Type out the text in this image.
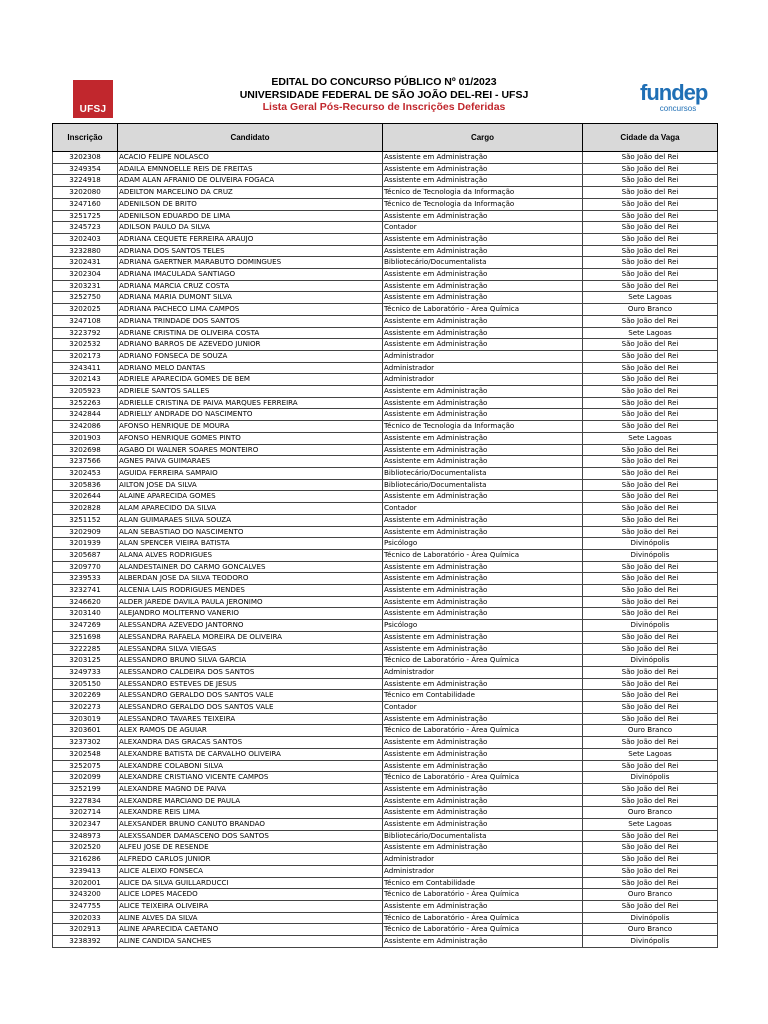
UFSJ
EDITAL DO CONCURSO PÚBLICO Nº 01/2023
UNIVERSIDADE FEDERAL DE SÃO JOÃO DEL-REI - UFSJ
Lista Geral Pós-Recurso de Inscrições Deferidas
fundep
concursos
Inscrição	Candidato	Cargo	Cidade da Vaga
3202308	ACACIO FELIPE NOLASCO	Assistente em Administração	São João del Rei
3249354	ADAILA EMNNOELLE REIS DE FREITAS	Assistente em Administração	São João del Rei
3224918	ADAM ALAN AFRANIO DE OLIVEIRA FOGACA	Assistente em Administração	São João del Rei
3202080	ADEILTON MARCELINO DA CRUZ	Técnico de Tecnologia da Informação	São João del Rei
3247160	ADENILSON DE BRITO	Técnico de Tecnologia da Informação	São João del Rei
3251725	ADENILSON EDUARDO DE LIMA	Assistente em Administração	São João del Rei
3245723	ADILSON PAULO DA SILVA	Contador	São João del Rei
3202403	ADRIANA CEQUETE FERREIRA ARAUJO	Assistente em Administração	São João del Rei
3232880	ADRIANA DOS SANTOS TELES	Assistente em Administração	São João del Rei
3202431	ADRIANA GAERTNER MARABUTO DOMINGUES	Bibliotecário/Documentalista	São João del Rei
3202304	ADRIANA IMACULADA SANTIAGO	Assistente em Administração	São João del Rei
3203231	ADRIANA MARCIA CRUZ COSTA	Assistente em Administração	São João del Rei
3252750	ADRIANA MARIA DUMONT SILVA	Assistente em Administração	Sete Lagoas
3202025	ADRIANA PACHECO LIMA CAMPOS	Técnico de Laboratório - Área Química	Ouro Branco
3247108	ADRIANA TRINDADE DOS SANTOS	Assistente em Administração	São João del Rei
3223792	ADRIANE CRISTINA DE OLIVEIRA COSTA	Assistente em Administração	Sete Lagoas
3202532	ADRIANO BARROS DE AZEVEDO JUNIOR	Assistente em Administração	São João del Rei
3202173	ADRIANO FONSECA DE SOUZA	Administrador	São João del Rei
3243411	ADRIANO MELO DANTAS	Administrador	São João del Rei
3202143	ADRIELE APARECIDA GOMES DE BEM	Administrador	São João del Rei
3205923	ADRIELE SANTOS SALLES	Assistente em Administração	São João del Rei
3252263	ADRIELLE CRISTINA DE PAIVA MARQUES FERREIRA	Assistente em Administração	São João del Rei
3242844	ADRIELLY ANDRADE DO NASCIMENTO	Assistente em Administração	São João del Rei
3242086	AFONSO HENRIQUE DE MOURA	Técnico de Tecnologia da Informação	São João del Rei
3201903	AFONSO HENRIQUE GOMES PINTO	Assistente em Administração	Sete Lagoas
3202698	AGABO DI WALNER SOARES MONTEIRO	Assistente em Administração	São João del Rei
3237566	AGNES PAIVA GUIMARAES	Assistente em Administração	São João del Rei
3202453	AGUIDA FERREIRA SAMPAIO	Bibliotecário/Documentalista	São João del Rei
3205836	AILTON JOSE DA SILVA	Bibliotecário/Documentalista	São João del Rei
3202644	ALAINE APARECIDA GOMES	Assistente em Administração	São João del Rei
3202828	ALAM APARECIDO DA SILVA	Contador	São João del Rei
3251152	ALAN GUIMARAES SILVA SOUZA	Assistente em Administração	São João del Rei
3202909	ALAN SEBASTIAO DO NASCIMENTO	Assistente em Administração	São João del Rei
3201939	ALAN SPENCER VIEIRA BATISTA	Psicólogo	Divinópolis
3205687	ALANA ALVES RODRIGUES	Técnico de Laboratório - Área Química	Divinópolis
3209770	ALANDESTAINER DO CARMO GONCALVES	Assistente em Administração	São João del Rei
3239533	ALBERDAN JOSE DA SILVA TEODORO	Assistente em Administração	São João del Rei
3232741	ALCENIA LAIS RODRIGUES MENDES	Assistente em Administração	São João del Rei
3246620	ALDER JAREDE DAVILA PAULA JERONIMO	Assistente em Administração	São João del Rei
3203140	ALEJANDRO MOLITERNO VANERIO	Assistente em Administração	São João del Rei
3247269	ALESSANDRA AZEVEDO JANTORNO	Psicólogo	Divinópolis
3251698	ALESSANDRA RAFAELA MOREIRA DE OLIVEIRA	Assistente em Administração	São João del Rei
3222285	ALESSANDRA SILVA VIEGAS	Assistente em Administração	São João del Rei
3203125	ALESSANDRO BRUNO SILVA GARCIA	Técnico de Laboratório - Área Química	Divinópolis
3249733	ALESSANDRO CALDEIRA DOS SANTOS	Administrador	São João del Rei
3205150	ALESSANDRO ESTEVES DE JESUS	Assistente em Administração	São João del Rei
3202269	ALESSANDRO GERALDO DOS SANTOS VALE	Técnico em Contabilidade	São João del Rei
3202273	ALESSANDRO GERALDO DOS SANTOS VALE	Contador	São João del Rei
3203019	ALESSANDRO TAVARES TEIXEIRA	Assistente em Administração	São João del Rei
3203601	ALEX RAMOS DE AGUIAR	Técnico de Laboratório - Área Química	Ouro Branco
3237302	ALEXANDRA DAS GRACAS SANTOS	Assistente em Administração	São João del Rei
3202548	ALEXANDRE BATISTA DE CARVALHO OLIVEIRA	Assistente em Administração	Sete Lagoas
3252075	ALEXANDRE COLABONI SILVA	Assistente em Administração	São João del Rei
3202099	ALEXANDRE CRISTIANO VICENTE CAMPOS	Técnico de Laboratório - Área Química	Divinópolis
3252199	ALEXANDRE MAGNO DE PAIVA	Assistente em Administração	São João del Rei
3227834	ALEXANDRE MARCIANO DE PAULA	Assistente em Administração	São João del Rei
3202714	ALEXANDRE REIS LIMA	Assistente em Administração	Ouro Branco
3202347	ALEXSANDER BRUNO CANUTO BRANDAO	Assistente em Administração	Sete Lagoas
3248973	ALEXSSANDER DAMASCENO DOS SANTOS	Bibliotecário/Documentalista	São João del Rei
3202520	ALFEU JOSE DE RESENDE	Assistente em Administração	São João del Rei
3216286	ALFREDO CARLOS JUNIOR	Administrador	São João del Rei
3239413	ALICE ALEIXO FONSECA	Administrador	São João del Rei
3202001	ALICE DA SILVA GUILLARDUCCI	Técnico em Contabilidade	São João del Rei
3243200	ALICE LOPES MACEDO	Técnico de Laboratório - Área Química	Ouro Branco
3247755	ALICE TEIXEIRA OLIVEIRA	Assistente em Administração	São João del Rei
3202033	ALINE ALVES DA SILVA	Técnico de Laboratório - Área Química	Divinópolis
3202913	ALINE APARECIDA CAETANO	Técnico de Laboratório - Área Química	Ouro Branco
3238392	ALINE CANDIDA SANCHES	Assistente em Administração	Divinópolis
